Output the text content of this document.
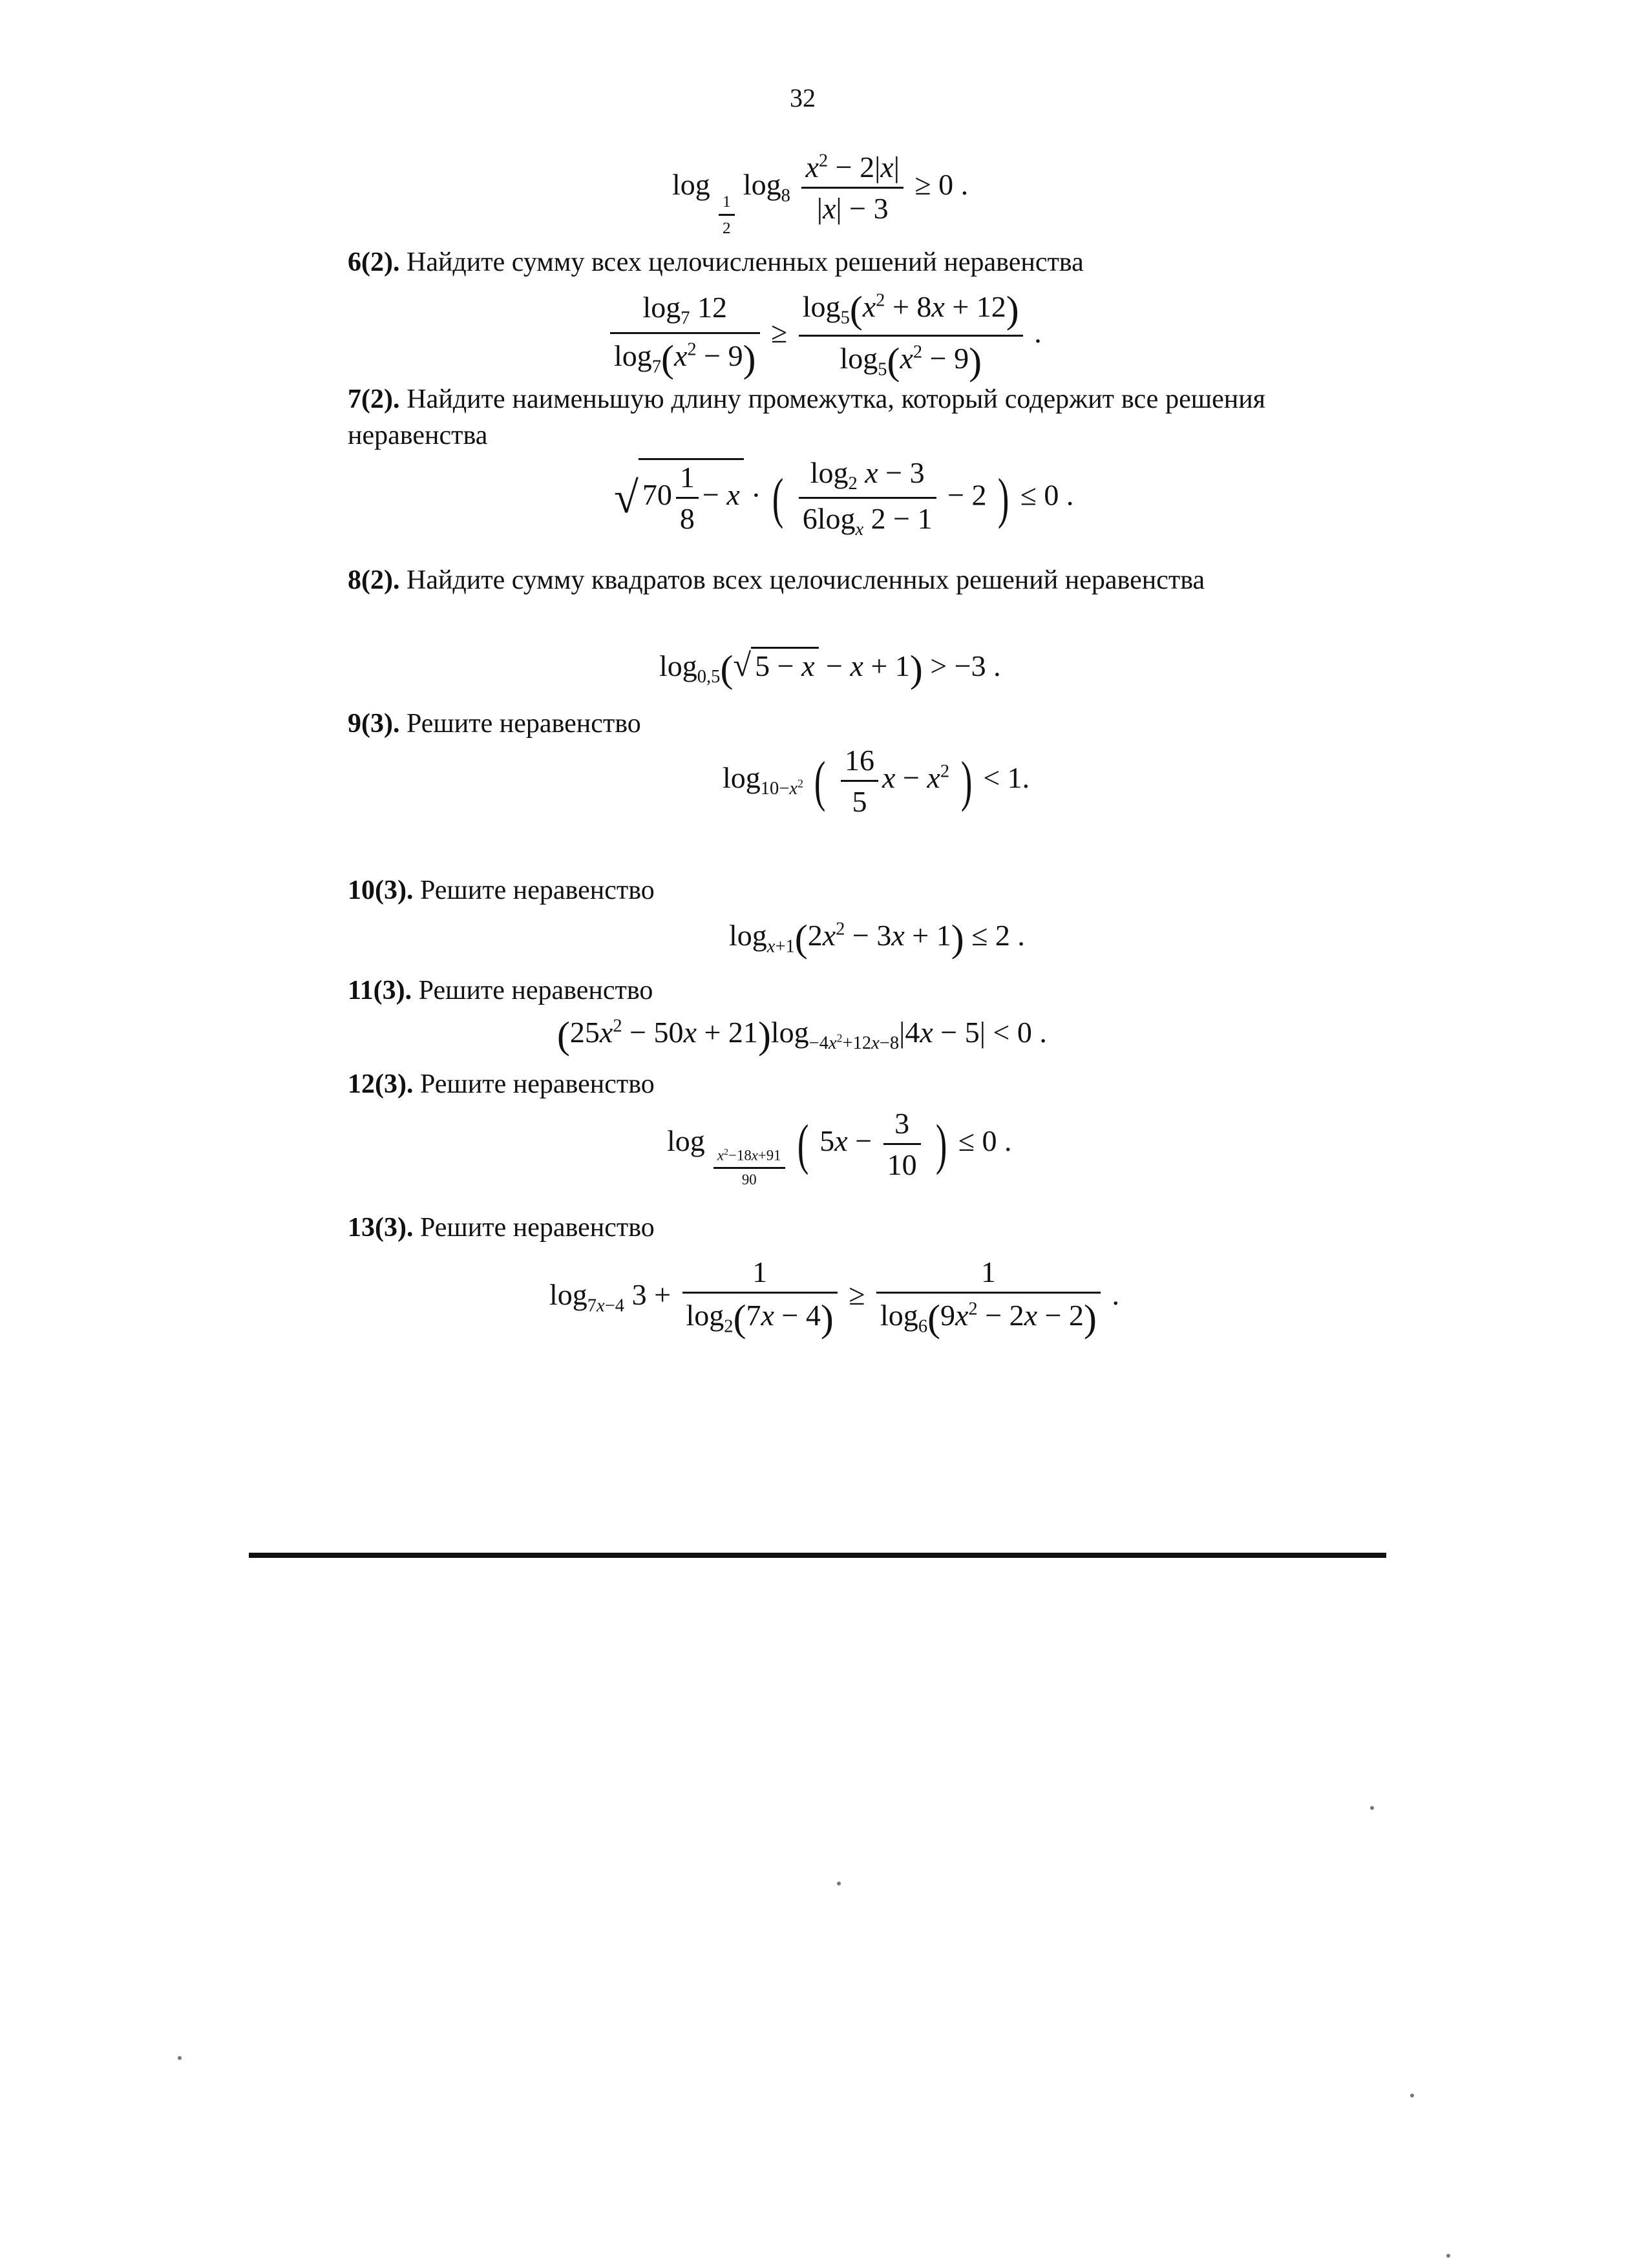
32
log
$_{\frac{1}{2}}$
$\log_8 \frac{x^2 - 2|x|}{|x| - 3} \ge 0$ .
6(2). Найдите сумму всех целочисленных решений неравенства
$\frac{\log_7 12}{\log_7(x^2 - 9)} \ge \frac{\log_5(x^2 + 8x + 12)}{\log_5(x^2 - 9)}$ .
7(2). Найдите наименьшую длину промежутка, который содержит все решения неравенства
√ $70 \frac{1}{8} - x$ · ( $\frac{\log_2 x - 3}{6\log_x 2 - 1} - 2$ ) ≤ 0 .
8(2). Найдите сумму квадратов всех целочисленных решений неравенства
$\log_{0,5}(√$ 5 − x − x + 1) > −3 .
9(3). Решите неравенство
$\log_{10-x^2}$ ( $\frac{16}{5}$ $x - x^2$ ) < 1.
10(3). Решите неравенство
$\log_{x+1}(2x^2 - 3x + 1) \le 2$ .
11(3). Решите неравенство
$(25x^2 - 50x + 21)\log_{-4x^2+12x-8}|4x - 5| < 0$ .
12(3). Решите неравенство
log
$_{\frac{x^2-18x+91}{90}}$ ( $5x - \frac{3}{10}$ ) ≤ 0 .
13(3). Решите неравенство
$\log_{7x-4} 3 + \frac{1}{\log_2(7x - 4)} \ge \frac{1}{\log_6(9x^2 - 2x - 2)}$ .
